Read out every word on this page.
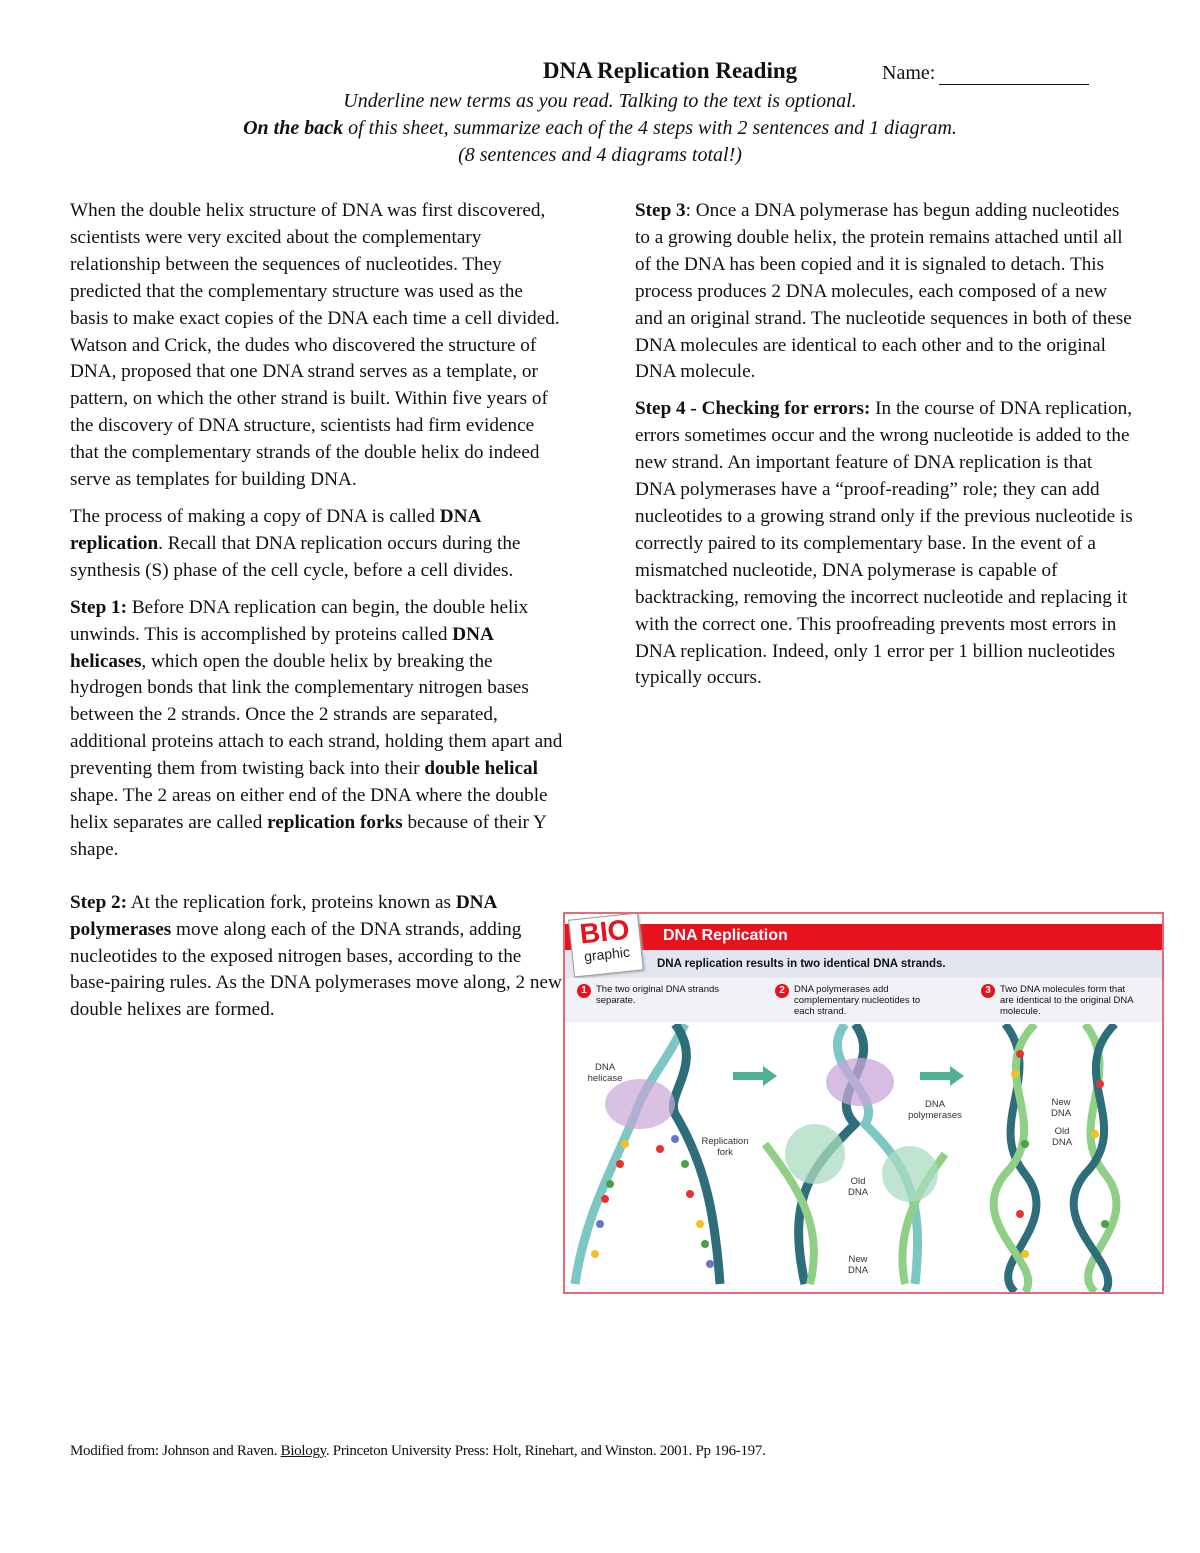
DNA Replication Reading	Name:
Underline new terms as you read. Talking to the text is optional.
On the back of this sheet, summarize each of the 4 steps with 2 sentences and 1 diagram.
(8 sentences and 4 diagrams total!)

When the double helix structure of DNA was first discovered, scientists were very excited about the complementary relationship between the sequences of nucleotides. They predicted that the complementary structure was used as the basis to make exact copies of the DNA each time a cell divided. Watson and Crick, the dudes who discovered the structure of DNA, proposed that one DNA strand serves as a template, or pattern, on which the other strand is built. Within five years of the discovery of DNA structure, scientists had firm evidence that the complementary strands of the double helix do indeed serve as templates for building DNA.

The process of making a copy of DNA is called DNA replication. Recall that DNA replication occurs during the synthesis (S) phase of the cell cycle, before a cell divides.

Step 1: Before DNA replication can begin, the double helix unwinds. This is accomplished by proteins called DNA helicases, which open the double helix by breaking the hydrogen bonds that link the complementary nitrogen bases between the 2 strands. Once the 2 strands are separated, additional proteins attach to each strand, holding them apart and preventing them from twisting back into their double helical shape. The 2 areas on either end of the DNA where the double helix separates are called replication forks because of their Y shape.

Step 2: At the replication fork, proteins known as DNA polymerases move along each of the DNA strands, adding nucleotides to the exposed nitrogen bases, according to the base-pairing rules. As the DNA polymerases move along, 2 new double helixes are formed.

Step 3: Once a DNA polymerase has begun adding nucleotides to a growing double helix, the protein remains attached until all of the DNA has been copied and it is signaled to detach. This process produces 2 DNA molecules, each composed of a new and an original strand. The nucleotide sequences in both of these DNA molecules are identical to each other and to the original DNA molecule.

Step 4 - Checking for errors: In the course of DNA replication, errors sometimes occur and the wrong nucleotide is added to the new strand. An important feature of DNA replication is that DNA polymerases have a “proof-reading” role; they can add nucleotides to a growing strand only if the previous nucleotide is correctly paired to its complementary base. In the event of a mismatched nucleotide, DNA polymerase is capable of backtracking, removing the incorrect nucleotide and replacing it with the correct one. This proofreading prevents most errors in DNA replication. Indeed, only 1 error per 1 billion nucleotides typically occurs.

DNA Replication
DNA replication results in two identical DNA strands.
BIO
graphic
1 The two original DNA strands separate.
2 DNA polymerases add complementary nucleotides to each strand.
3 Two DNA molecules form that are identical to the original DNA molecule.
DNA helicase
Replication fork
DNA polymerases
Old DNA
New DNA
New DNA
Old DNA
Modified from: Johnson and Raven. Biology. Princeton University Press: Holt, Rinehart, and Winston. 2001. Pp 196-197.
